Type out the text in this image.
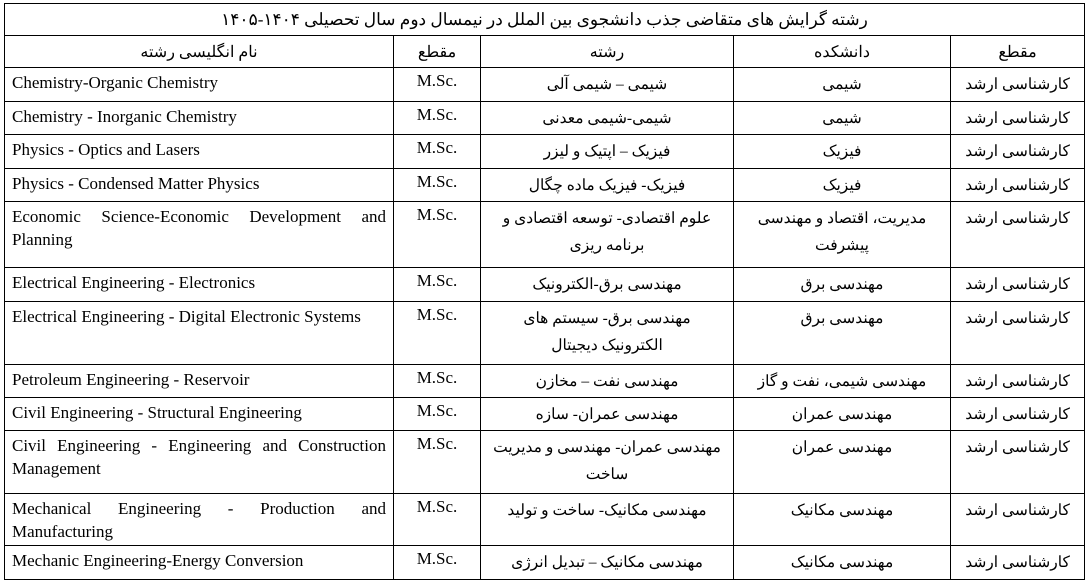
رشته گرایش های متقاضی جذب دانشجوی بین الملل در نیمسال دوم سال تحصیلی ۱۴۰۴-۱۴۰۵				
نام انگلیسی رشته	مقطع	رشته	دانشکده	مقطع
Chemistry-Organic Chemistry	M.Sc.	شیمی – شیمی آلی	شیمی	کارشناسی ارشد
Chemistry - Inorganic Chemistry	M.Sc.	شیمی-شیمی معدنی	شیمی	کارشناسی ارشد
Physics - Optics and Lasers	M.Sc.	فیزیک – اپتیک و لیزر	فیزیک	کارشناسی ارشد
Physics - Condensed Matter Physics	M.Sc.	فیزیک- فیزیک ماده چگال	فیزیک	کارشناسی ارشد
Economic Science-Economic Development and Planning	M.Sc.	علوم اقتصادی- توسعه اقتصادی و برنامه ریزی	مدیریت، اقتصاد و مهندسی پیشرفت	کارشناسی ارشد
Electrical Engineering - Electronics	M.Sc.	مهندسی برق-الکترونیک	مهندسی برق	کارشناسی ارشد
Electrical Engineering - Digital Electronic Systems	M.Sc.	مهندسی برق- سیستم های الکترونیک دیجیتال	مهندسی برق	کارشناسی ارشد
Petroleum Engineering - Reservoir	M.Sc.	مهندسی نفت – مخازن	مهندسی شیمی، نفت و گاز	کارشناسی ارشد
Civil Engineering - Structural Engineering	M.Sc.	مهندسی عمران- سازه	مهندسی عمران	کارشناسی ارشد
Civil Engineering - Engineering and Construction Management	M.Sc.	مهندسی عمران- مهندسی و مدیریت ساخت	مهندسی عمران	کارشناسی ارشد
Mechanical Engineering - Production and Manufacturing	M.Sc.	مهندسی مکانیک- ساخت و تولید	مهندسی مکانیک	کارشناسی ارشد
Mechanic Engineering-Energy Conversion	M.Sc.	مهندسی مکانیک – تبدیل انرژی	مهندسی مکانیک	کارشناسی ارشد
